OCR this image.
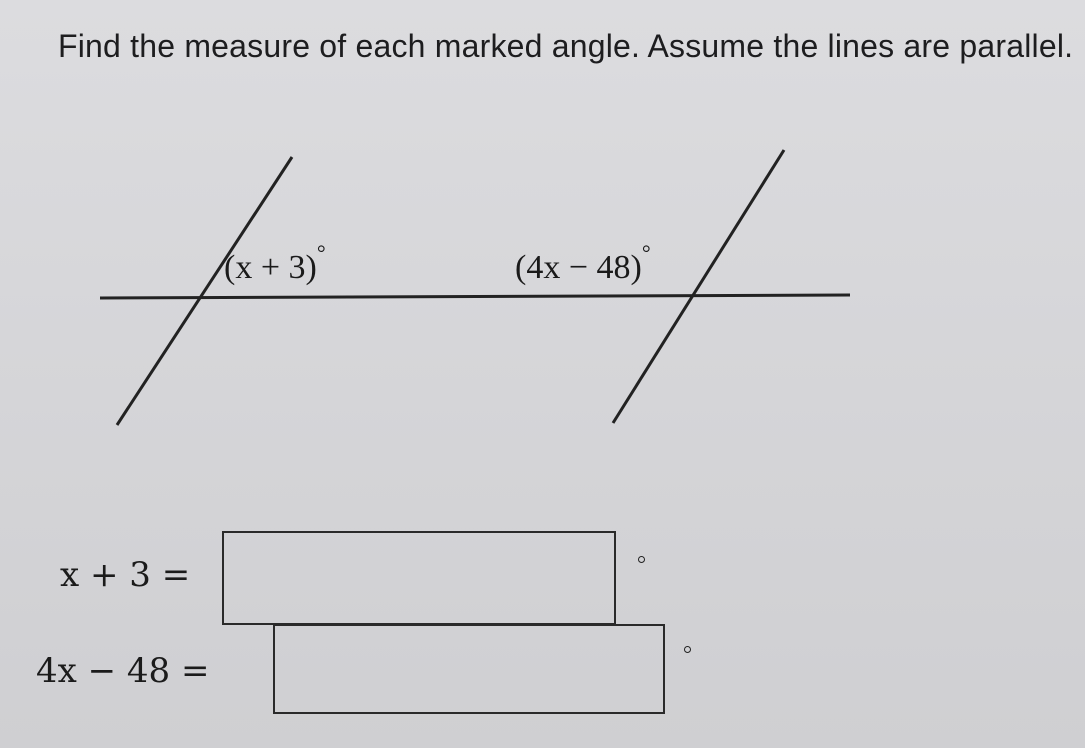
Find the measure of each marked angle. Assume the lines are parallel.
(x + 3)°	(4x − 48)°
x + 3 =
4x − 48 =
